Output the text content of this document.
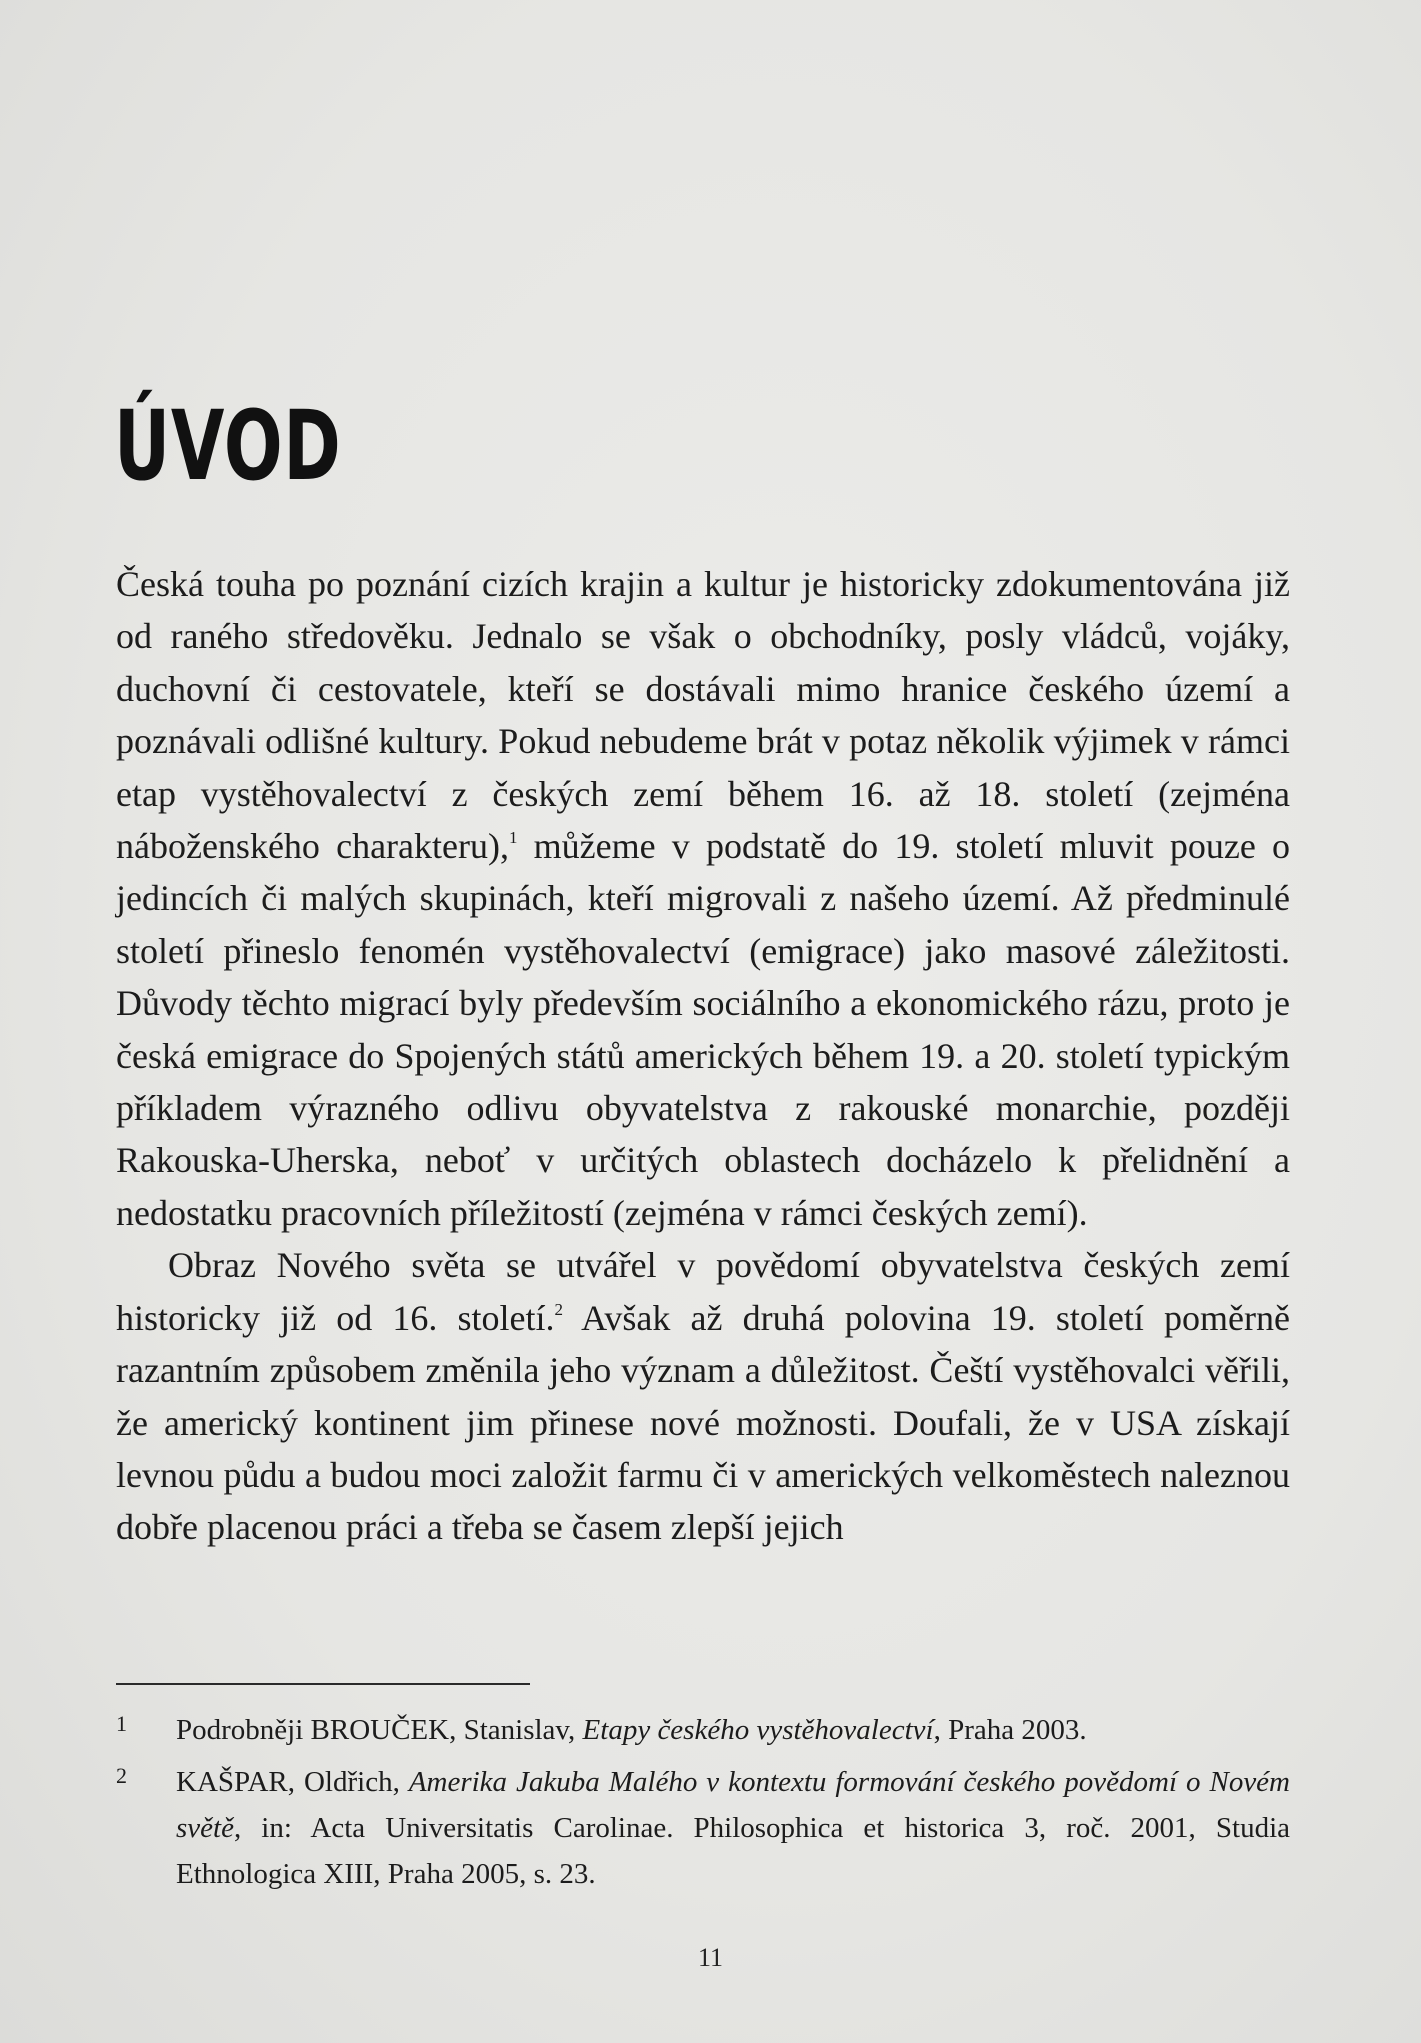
ÚVOD

Česká touha po poznání cizích krajin a kultur je historicky zdokumentována již od raného středověku. Jednalo se však o obchodníky, posly vládců, vojáky, duchovní či cestovatele, kteří se dostávali mimo hranice českého území a poznávali odlišné kultury. Pokud nebudeme brát v potaz několik výjimek v rámci etap vystěhovalectví z českých zemí během 16. až 18. století (zejména náboženského charakteru),$^1$ můžeme v podstatě do 19. století mluvit pouze o jedincích či malých skupinách, kteří migrovali z našeho území. Až předminulé století přineslo fenomén vystěhovalectví (emigrace) jako masové záležitosti. Důvody těchto migrací byly především sociálního a ekonomického rázu, proto je česká emigrace do Spojených států amerických během 19. a 20. století typickým příkladem výrazného odlivu obyvatelstva z rakouské monarchie, později Rakouska-Uherska, neboť v určitých oblastech docházelo k přelidnění a nedostatku pracovních příležitostí (zejména v rámci českých zemí).

Obraz Nového světa se utvářel v povědomí obyvatelstva českých zemí historicky již od 16. století.$^2$ Avšak až druhá polovina 19. století poměrně razantním způsobem změnila jeho význam a důležitost. Čeští vystěhovalci věřili, že americký kontinent jim přinese nové možnosti. Doufali, že v USA získají levnou půdu a budou moci založit farmu či v amerických velkoměstech naleznou dobře placenou práci a třeba se časem zlepší jejich

1 Podrobněji BROUČEK, Stanislav, Etapy českého vystěhovalectví, Praha 2003.
2 KAŠPAR, Oldřich, Amerika Jakuba Malého v kontextu formování českého povědomí o Novém světě, in: Acta Universitatis Carolinae. Philosophica et historica 3, roč. 2001, Studia Ethnologica XIII, Praha 2005, s. 23.
11
